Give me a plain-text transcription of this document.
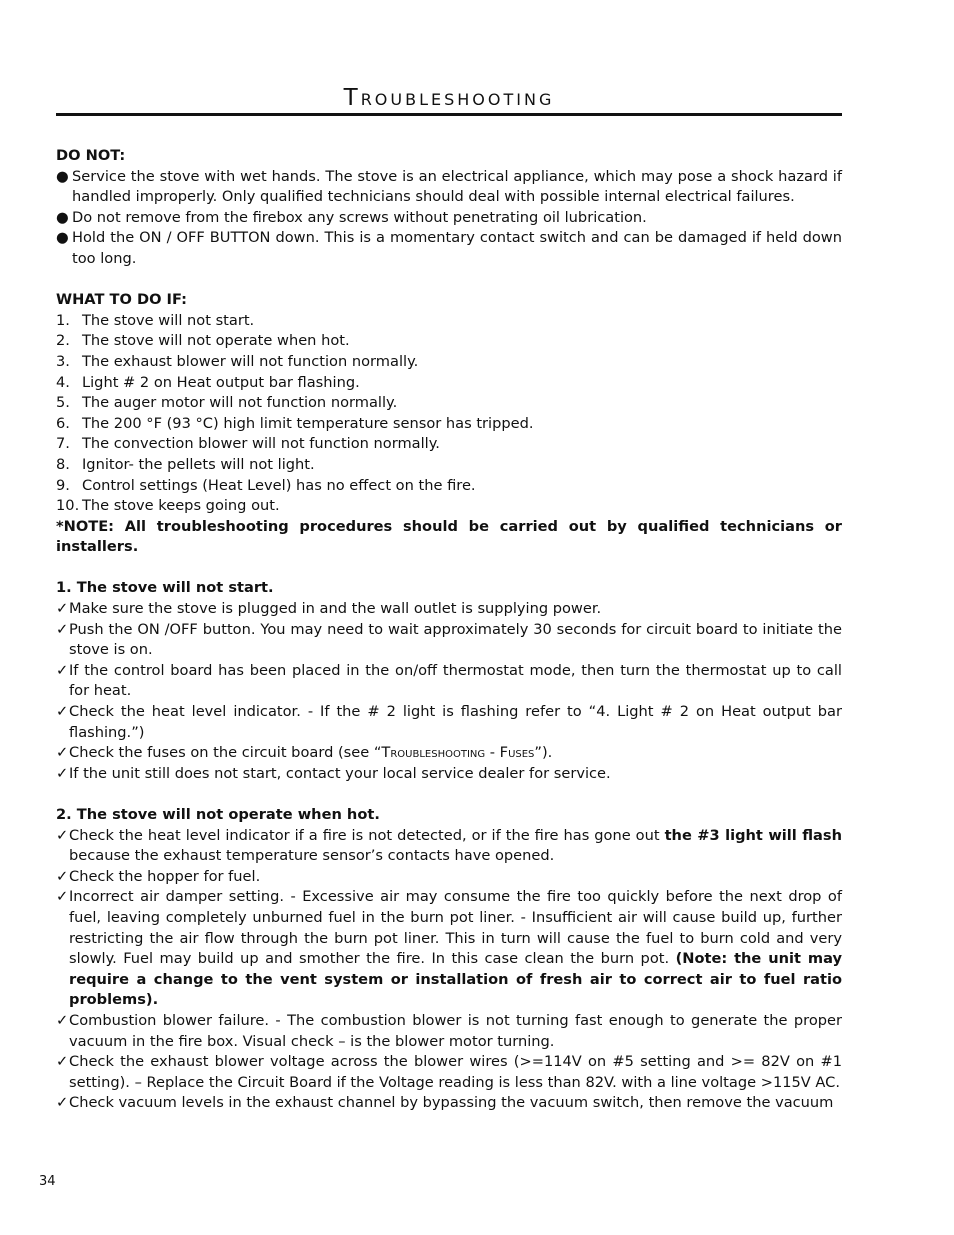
Troubleshooting

DO NOT:

● Service the stove with wet hands. The stove is an electrical appliance, which may pose a shock hazard if handled improperly. Only qualified technicians should deal with possible internal electrical failures.
● Do not remove from the firebox any screws without penetrating oil lubrication.
● Hold the ON / OFF BUTTON down. This is a momentary contact switch and can be damaged if held down too long.

WHAT TO DO IF:

1. The stove will not start.
2. The stove will not operate when hot.
3. The exhaust blower will not function normally.
4. Light # 2 on Heat output bar flashing.
5. The auger motor will not function normally.
6. The 200 °F (93 °C) high limit temperature sensor has tripped.
7. The convection blower will not function normally.
8. Ignitor- the pellets will not light.
9. Control settings (Heat Level) has no effect on the fire.
10. The stove keeps going out.

*NOTE: All troubleshooting procedures should be carried out by qualified technicians or installers.

1. The stove will not start.

✓ Make sure the stove is plugged in and the wall outlet is supplying power.
✓ Push the ON /OFF button. You may need to wait approximately 30 seconds for circuit board to initiate the stove is on.
✓ If the control board has been placed in the on/off thermostat mode, then turn the thermostat up to call for heat.
✓ Check the heat level indicator. - If the # 2 light is flashing refer to “4. Light # 2 on Heat output bar flashing.”)
✓ Check the fuses on the circuit board (see “Troubleshooting - Fuses”).
✓ If the unit still does not start, contact your local service dealer for service.

2. The stove will not operate when hot.

✓ Check the heat level indicator if a fire is not detected, or if the fire has gone out the #3 light will flash because the exhaust temperature sensor’s contacts have opened.
✓ Check the hopper for fuel.
✓ Incorrect air damper setting. - Excessive air may consume the fire too quickly before the next drop of fuel, leaving completely unburned fuel in the burn pot liner. - Insufficient air will cause build up, further restricting the air flow through the burn pot liner. This in turn will cause the fuel to burn cold and very slowly. Fuel may build up and smother the fire. In this case clean the burn pot. (Note: the unit may require a change to the vent system or installation of fresh air to correct air to fuel ratio problems).
✓ Combustion blower failure. - The combustion blower is not turning fast enough to generate the proper vacuum in the fire box. Visual check – is the blower motor turning.
✓ Check the exhaust blower voltage across the blower wires (>=114V on #5 setting and >= 82V on #1 setting). – Replace the Circuit Board if the Voltage reading is less than 82V. with a line voltage >115V AC.
✓ Check vacuum levels in the exhaust channel by bypassing the vacuum switch, then remove the vacuum
34
